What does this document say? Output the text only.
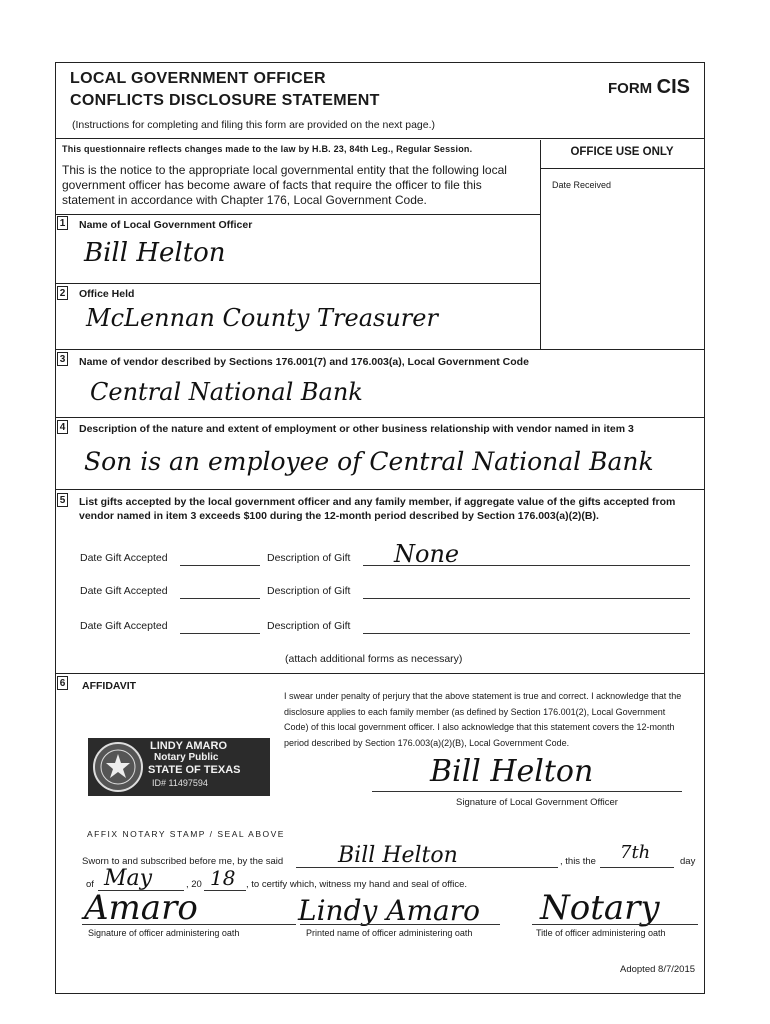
LOCAL GOVERNMENT OFFICER
CONFLICTS DISCLOSURE STATEMENT
FORM CIS
(Instructions for completing and filing this form are provided on the next page.)
This questionnaire reflects changes made to the law by H.B. 23, 84th Leg., Regular Session.
This is the notice to the appropriate local governmental entity that the following local government officer has become aware of facts that require the officer to file this statement in accordance with Chapter 176, Local Government Code.
OFFICE USE ONLY
Date Received
1 Name of Local Government Officer
Bill Helton
2 Office Held
McLennan County Treasurer
3 Name of vendor described by Sections 176.001(7) and 176.003(a), Local Government Code
Central National Bank
4 Description of the nature and extent of employment or other business relationship with vendor named in item 3
Son is an employee of Central National Bank
5 List gifts accepted by the local government officer and any family member, if aggregate value of the gifts accepted from vendor named in item 3 exceeds $100 during the 12-month period described by Section 176.003(a)(2)(B).
Date Gift Accepted	Description of Gift None
Date Gift Accepted	Description of Gift
Date Gift Accepted	Description of Gift
(attach additional forms as necessary)
6 AFFIDAVIT
I swear under penalty of perjury that the above statement is true and correct. I acknowledge that the disclosure applies to each family member (as defined by Section 176.001(2), Local Government Code) of this local government officer. I also acknowledge that this statement covers the 12-month period described by Section 176.003(a)(2)(B), Local Government Code.
LINDY AMARO
Notary Public
STATE OF TEXAS
ID# 11497594	Bill Helton
Signature of Local Government Officer
AFFIX NOTARY STAMP / SEAL ABOVE
Sworn to and subscribed before me, by the said Bill Helton	, this the 7th	day
of May	, 20 18 , to certify which, witness my hand and seal of office.
Amaro	Lindy Amaro Notary
Signature of officer administering oath	Printed name of officer administering oath	Title of officer administering oath
Adopted 8/7/2015
